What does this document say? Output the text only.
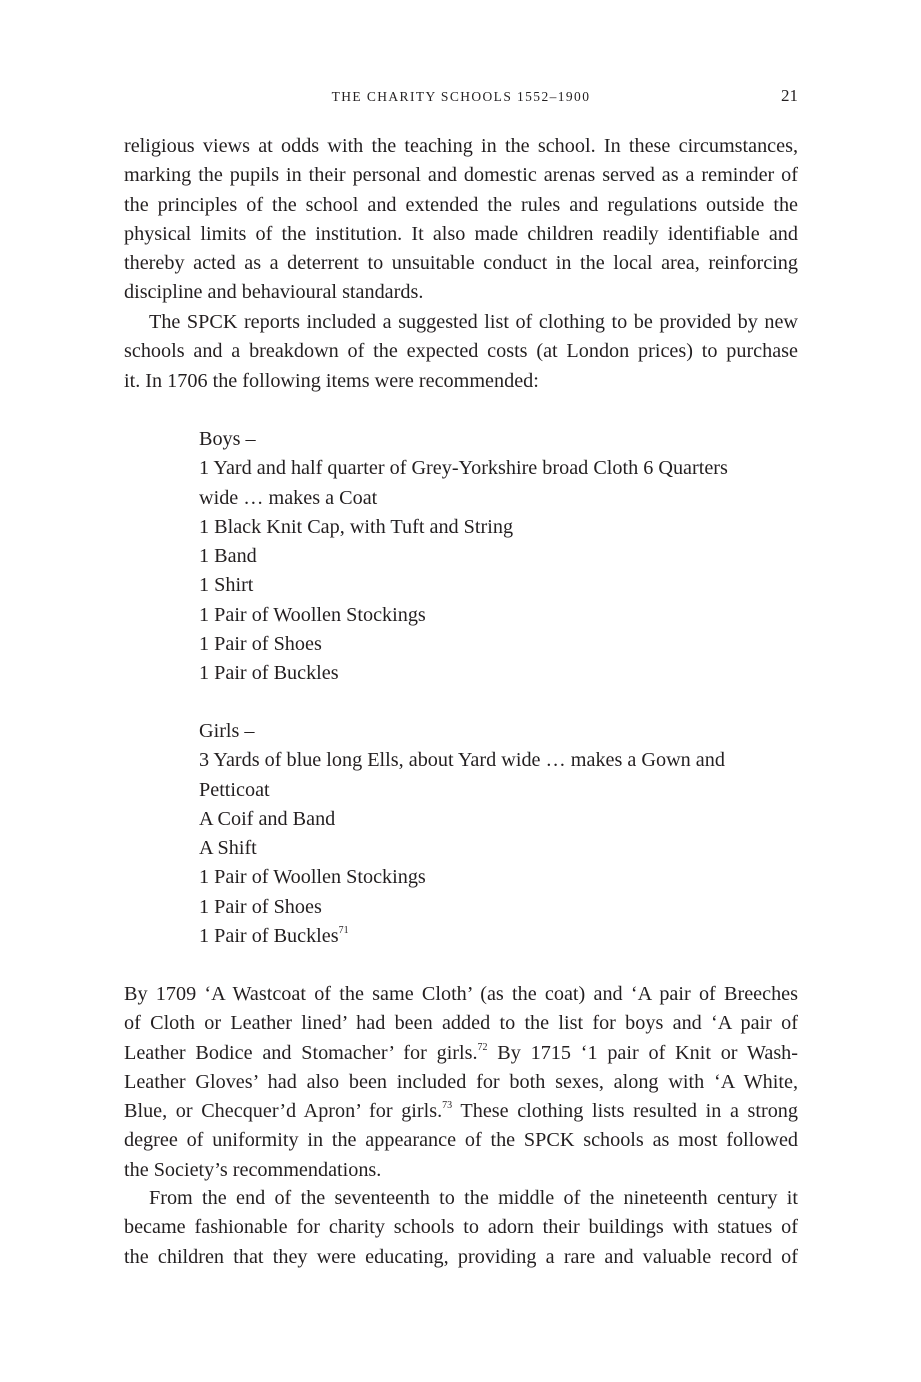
THE CHARITY SCHOOLS 1552–1900	21

religious views at odds with the teaching in the school. In these circumstances,

marking the pupils in their personal and domestic arenas served as a reminder of

the principles of the school and extended the rules and regulations outside the

physical limits of the institution. It also made children readily identifiable and

thereby acted as a deterrent to unsuitable conduct in the local area, reinforcing

discipline and behavioural standards.

The SPCK reports included a suggested list of clothing to be provided by new

schools and a breakdown of the expected costs (at London prices) to purchase

it. In 1706 the following items were recommended:

Boys –

1 Yard and half quarter of Grey-Yorkshire broad Cloth 6 Quarters

wide … makes a Coat

1 Black Knit Cap, with Tuft and String

1 Band

1 Shirt

1 Pair of Woollen Stockings

1 Pair of Shoes

1 Pair of Buckles

Girls –

3 Yards of blue long Ells, about Yard wide … makes a Gown and

Petticoat

A Coif and Band

A Shift

1 Pair of Woollen Stockings

1 Pair of Shoes

1 Pair of Buckles$^{71}$

By 1709 ‘A Wastcoat of the same Cloth’ (as the coat) and ‘A pair of Breeches

of Cloth or Leather lined’ had been added to the list for boys and ‘A pair of

Leather Bodice and Stomacher’ for girls.$^{72}$ By 1715 ‘1 pair of Knit or Wash-

Leather Gloves’ had also been included for both sexes, along with ‘A White,

Blue, or Checquer’d Apron’ for girls.$^{73}$ These clothing lists resulted in a strong

degree of uniformity in the appearance of the SPCK schools as most followed

the Society’s recommendations.

From the end of the seventeenth to the middle of the nineteenth century it

became fashionable for charity schools to adorn their buildings with statues of

the children that they were educating, providing a rare and valuable record of
